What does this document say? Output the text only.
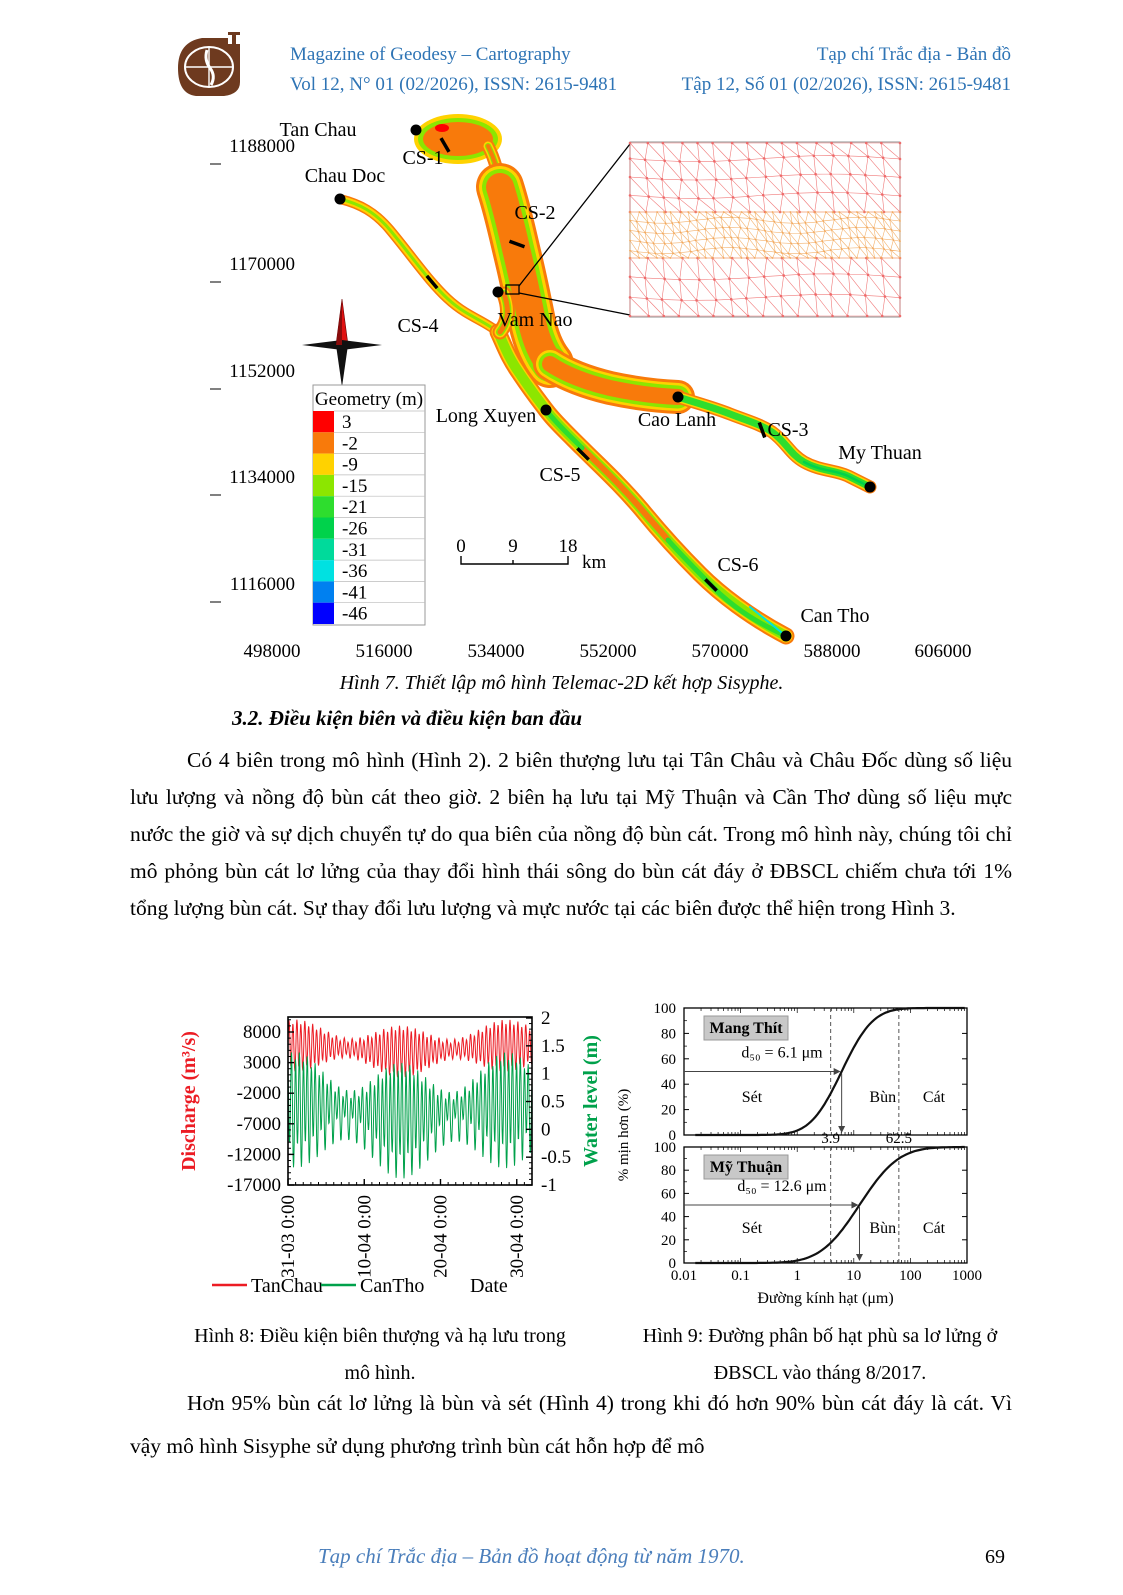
Magazine of Geodesy – Cartography
Vol 12, N° 01 (02/2026), ISSN: 2615-9481
Tạp chí Trắc địa - Bản đồ
Tập 12, Số 01 (02/2026), ISSN: 2615-9481
1188000
1170000
1152000
1134000
1116000
498000	516000	534000	552000	570000	588000	606000
Tan Chau
Chau Doc
Vam Nao
Long Xuyen	Cao Lanh
My Thuan
Can Tho
CS-1
CS-2
CS-3
CS-4
CS-5
CS-6
Geometry (m)
3
-2
-9
-15
-21
-26
-31
-36
-41
-46
0 9 18
km
Hình 7. Thiết lập mô hình Telemac-2D kết hợp Sisyphe.
3.2. Điều kiện biên và điều kiện ban đầu
Có 4 biên trong mô hình (Hình 2). 2 biên thượng lưu tại Tân Châu và Châu Đốc dùng số liệu lưu lượng và nồng độ bùn cát theo giờ. 2 biên hạ lưu tại Mỹ Thuận và Cần Thơ dùng số liệu mực nước the giờ và sự dịch chuyển tự do qua biên của nồng độ bùn cát. Trong mô hình này, chúng tôi chỉ mô phỏng bùn cát lơ lửng của thay đổi hình thái sông do bùn cát đáy ở ĐBSCL chiếm chưa tới 1% tổng lượng bùn cát. Sự thay đổi lưu lượng và mực nước tại các biên được thể hiện trong Hình 3.
8000
3000
-2000
-7000
-12000
-17000
2
1.5
1
0.5
0
-0.5
-1
31-03 0:00	10-04 0:00	20-04 0:00	30-04 0:00
Discharge (m³/s)	Water level (m)
TanChau CanTho Date
Hình 8: Điều kiện biên thượng và hạ lưu trong
mô hình.
0
20
40
60
80
100
Mang Thít
d₅₀ = 6.1 μm
Sét	Bùn Cát
0
20
40
60
80
100
Mỹ Thuận
d₅₀ = 12.6 μm
Sét	Bùn Cát
3.9	62.5
0.01 0.1	1	10	100 1000
Đường kính hạt (μm)
% mịn hơn (%)
Hình 9: Đường phân bố hạt phù sa lơ lửng ở
ĐBSCL vào tháng 8/2017.
Hơn 95% bùn cát lơ lửng là bùn và sét (Hình 4) trong khi đó hơn 90% bùn cát đáy là cát. Vì vậy mô hình Sisyphe sử dụng phương trình bùn cát hỗn hợp để mô
Tạp chí Trắc địa – Bản đồ hoạt động từ năm 1970.	69
